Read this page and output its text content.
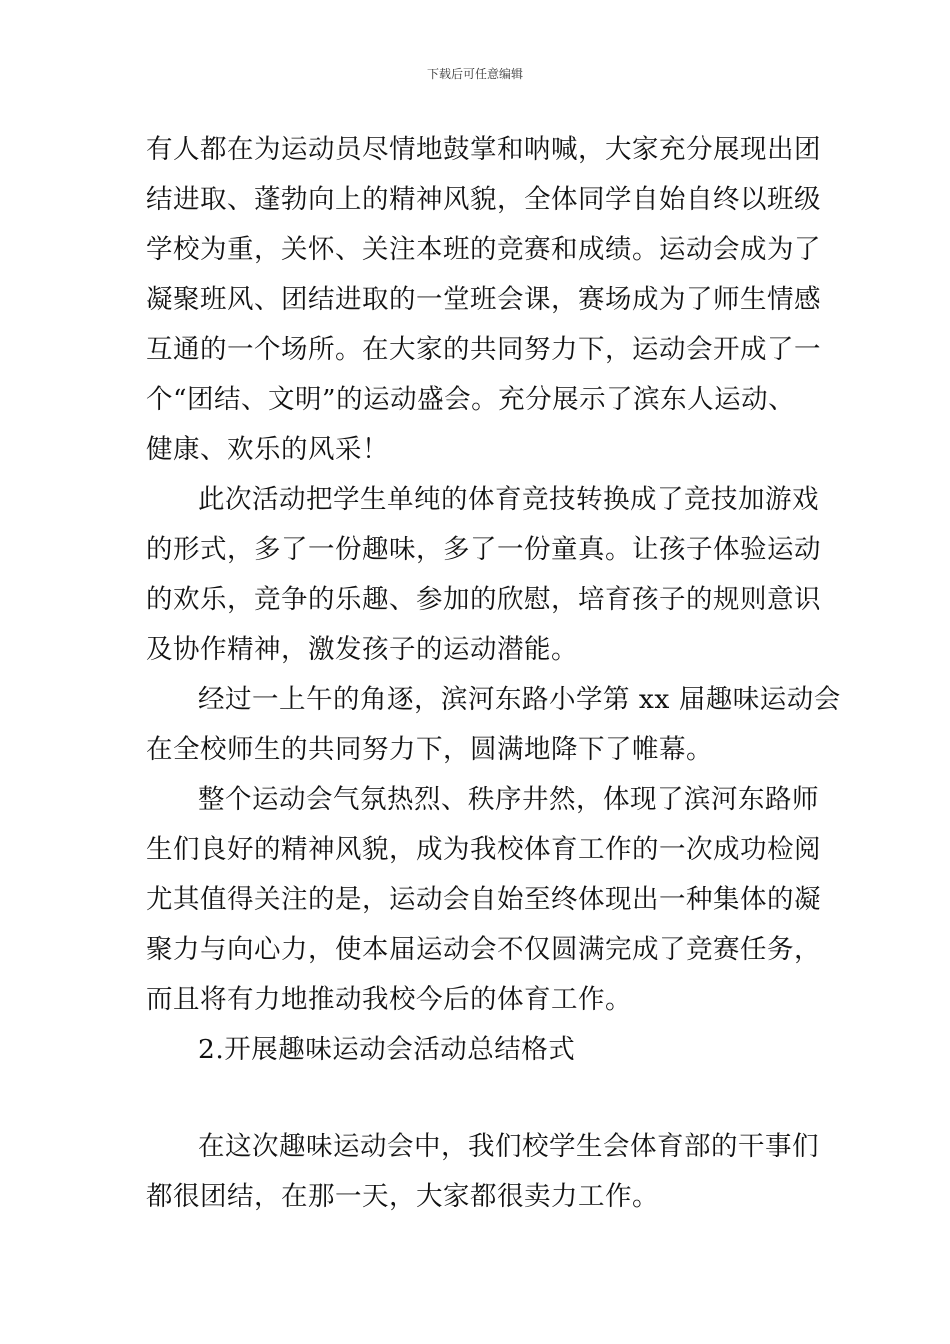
下载后可任意编辑
有人都在为运动员尽情地鼓掌和呐喊，大家充分展现出团
结进取、蓬勃向上的精神风貌，全体同学自始自终以班级
学校为重，关怀、关注本班的竞赛和成绩。运动会成为了
凝聚班风、团结进取的一堂班会课，赛场成为了师生情感
互通的一个场所。在大家的共同努力下，运动会开成了一
个“团结、文明”的运动盛会。充分展示了滨东人运动、
健康、欢乐的风采！
此次活动把学生单纯的体育竞技转换成了竞技加游戏
的形式，多了一份趣味，多了一份童真。让孩子体验运动
的欢乐，竞争的乐趣、参加的欣慰，培育孩子的规则意识
及协作精神，激发孩子的运动潜能。
经过一上午的角逐，滨河东路小学第 xx 届趣味运动会
在全校师生的共同努力下，圆满地降下了帷幕。
整个运动会气氛热烈、秩序井然，体现了滨河东路师
生们良好的精神风貌，成为我校体育工作的一次成功检阅
尤其值得关注的是，运动会自始至终体现出一种集体的凝
聚力与向心力，使本届运动会不仅圆满完成了竞赛任务，
而且将有力地推动我校今后的体育工作。
2.开展趣味运动会活动总结格式
在这次趣味运动会中，我们校学生会体育部的干事们
都很团结，在那一天，大家都很卖力工作。
